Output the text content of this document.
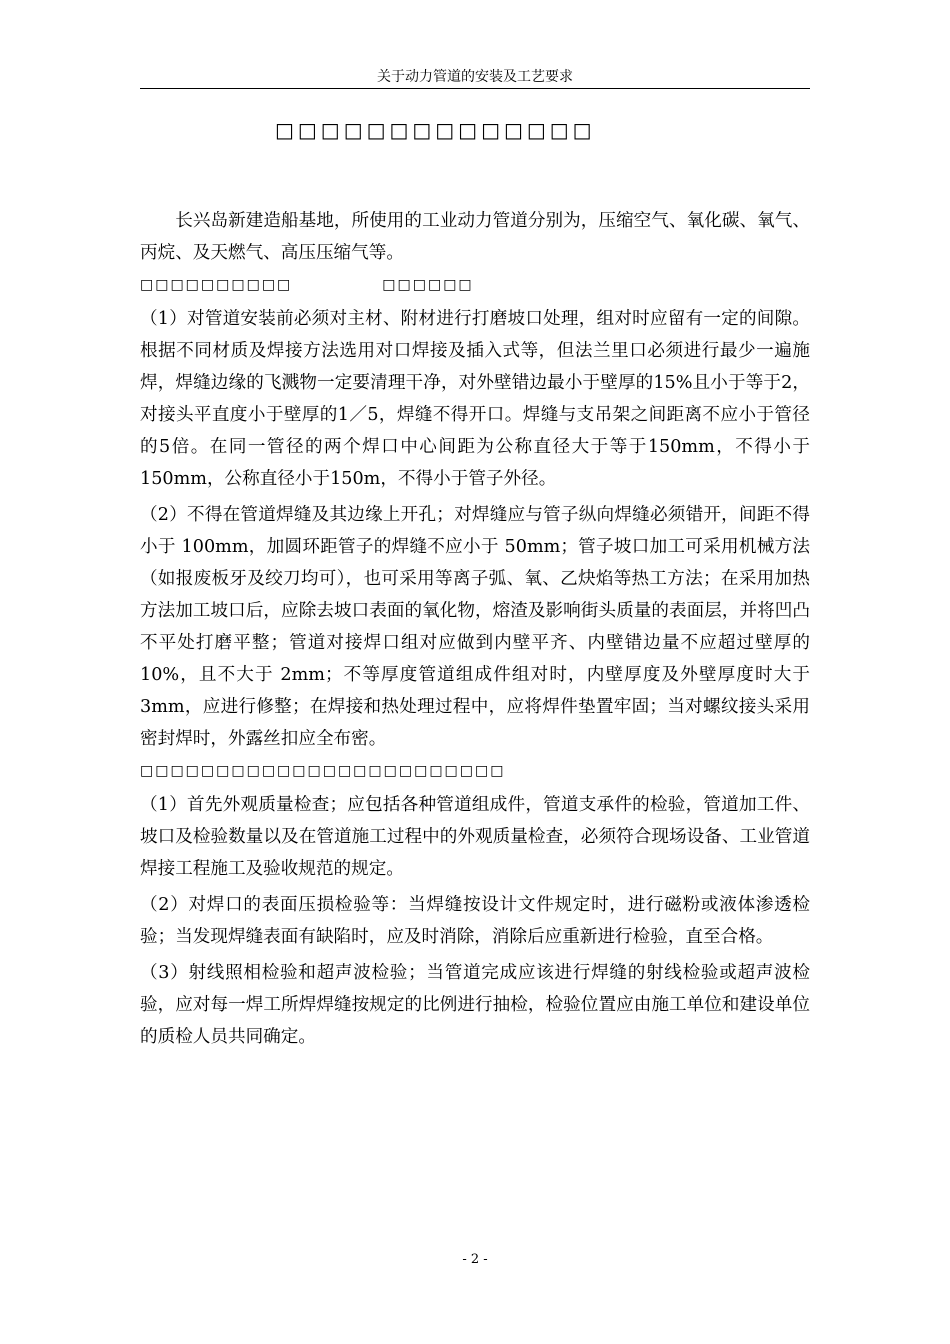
关于动力管道的安装及工艺要求
□□□□□□□□□□□□□□

长兴岛新建造船基地，所使用的工业动力管道分别为，压缩空气、氧化碳、氧气、丙烷、及天燃气、高压压缩气等。

□□□□□□□□□□	□□□□□□

（1）对管道安装前必须对主材、附材进行打磨坡口处理，组对时应留有一定的间隙。根据不同材质及焊接方法选用对口焊接及插入式等，但法兰里口必须进行最少一遍施焊，焊缝边缘的飞溅物一定要清理干净，对外壁错边最小于壁厚的15%且小于等于2，对接头平直度小于壁厚的1／5，焊缝不得开口。焊缝与支吊架之间距离不应小于管径的5倍。在同一管径的两个焊口中心间距为公称直径大于等于150mm，不得小于150mm，公称直径小于150m，不得小于管子外径。

（2）不得在管道焊缝及其边缘上开孔；对焊缝应与管子纵向焊缝必须错开，间距不得小于 100mm，加圆环距管子的焊缝不应小于 50mm；管子坡口加工可采用机械方法（如报废板牙及绞刀均可），也可采用等离子弧、氧、乙炔焰等热工方法；在采用加热方法加工坡口后，应除去坡口表面的氧化物，熔渣及影响街头质量的表面层，并将凹凸不平处打磨平整；管道对接焊口组对应做到内壁平齐、内壁错边量不应超过壁厚的10%，且不大于 2mm；不等厚度管道组成件组对时，内壁厚度及外壁厚度时大于 3mm，应进行修整；在焊接和热处理过程中，应将焊件垫置牢固；当对螺纹接头采用密封焊时，外露丝扣应全布密。

□□□□□□□□□□□□□□□□□□□□□□□□

（1）首先外观质量检查；应包括各种管道组成件，管道支承件的检验，管道加工件、坡口及检验数量以及在管道施工过程中的外观质量检查，必须符合现场设备、工业管道焊接工程施工及验收规范的规定。

（2）对焊口的表面压损检验等：当焊缝按设计文件规定时，进行磁粉或液体渗透检验；当发现焊缝表面有缺陷时，应及时消除，消除后应重新进行检验，直至合格。

（3）射线照相检验和超声波检验；当管道完成应该进行焊缝的射线检验或超声波检验，应对每一焊工所焊焊缝按规定的比例进行抽检，检验位置应由施工单位和建设单位的质检人员共同确定。

- 2 -
